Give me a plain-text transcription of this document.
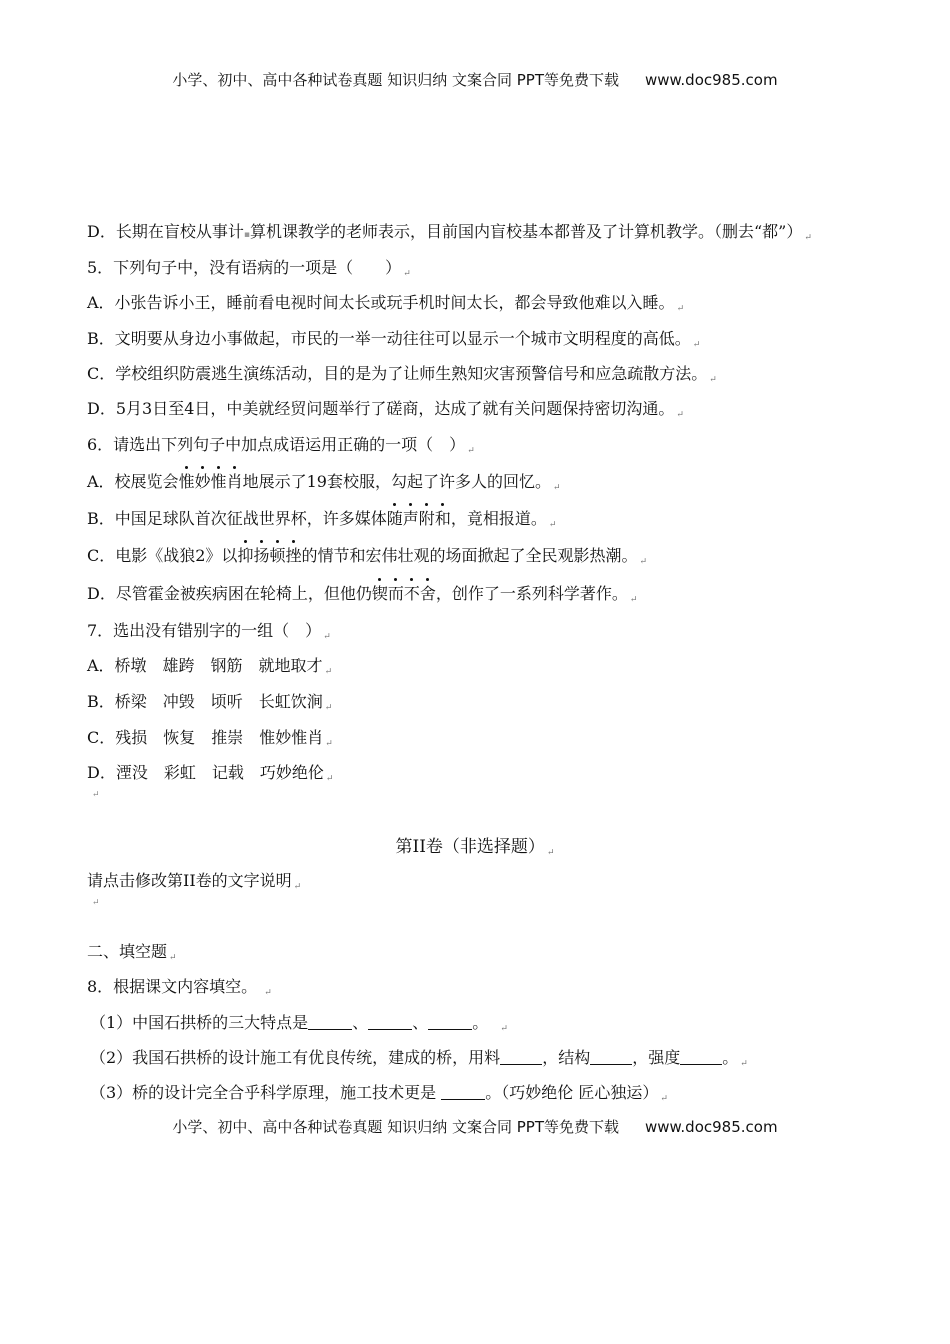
小学、初中、高中各种试卷真题 知识归纳 文案合同 PPT等免费下载 www.doc985.com
D．长期在盲校从事计▪算机课教学的老师表示，目前国内盲校基本都普及了计算机教学。（删去“都”） ↵
5．下列句子中，没有语病的一项是（　　） ↵
A．小张告诉小王，睡前看电视时间太长或玩手机时间太长，都会导致他难以入睡。 ↵
B．文明要从身边小事做起，市民的一举一动往往可以显示一个城市文明程度的高低。 ↵
C．学校组织防震逃生演练活动，目的是为了让师生熟知灾害预警信号和应急疏散方法。 ↵
D．5月3日至4日，中美就经贸问题举行了磋商，达成了就有关问题保持密切沟通。 ↵
6．请选出下列句子中加点成语运用正确的一项（　） ↵
A．校展览会惟妙惟肖地展示了19套校服，勾起了许多人的回忆。 ↵
B．中国足球队首次征战世界杯，许多媒体随声附和，竟相报道。 ↵
C．电影《战狼2》以抑扬顿挫的情节和宏伟壮观的场面掀起了全民观影热潮。 ↵
D．尽管霍金被疾病困在轮椅上，但他仍锲而不舍，创作了一系列科学著作。 ↵
7．选出没有错别字的一组（　） ↵
A．桥墩　雄跨　钢筋　就地取才 ↵
B．桥梁　冲毁　顷听　长虹饮涧 ↵
C．残损　恢复　推崇　惟妙惟肖 ↵
D．湮没　彩虹　记载　巧妙绝伦 ↵
↵
第II卷（非选择题） ↵
请点击修改第II卷的文字说明 ↵
↵
二、填空题 ↵
8．根据课文内容填空。 ↵
（1）中国石拱桥的三大特点是	、	、	。 ↵
（2）我国石拱桥的设计施工有优良传统，建成的桥，用料	，结构	，强度	。 ↵
（3）桥的设计完全合乎科学原理，施工技术更是	。（巧妙绝伦 匠心独运） ↵
小学、初中、高中各种试卷真题 知识归纳 文案合同 PPT等免费下载 www.doc985.com
